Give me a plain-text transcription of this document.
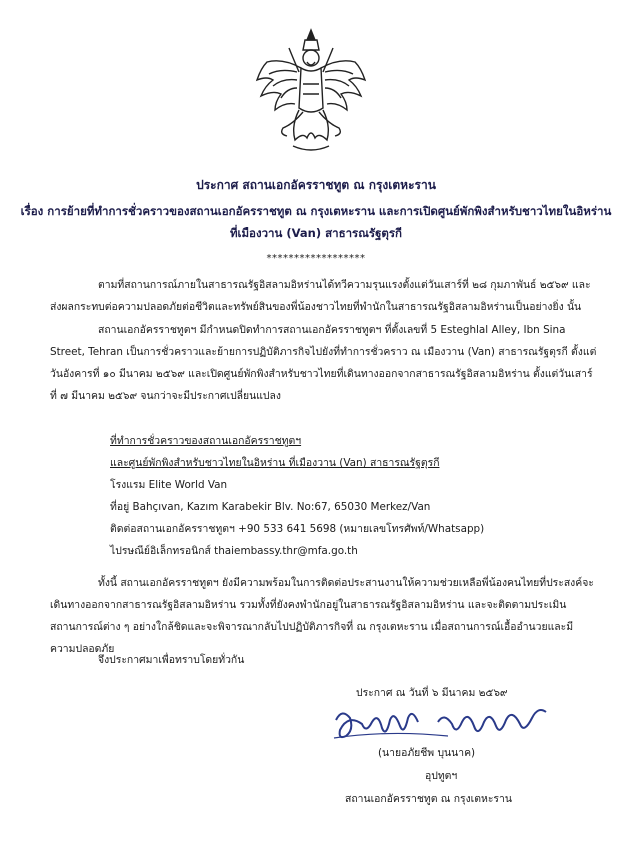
ประกาศ สถานเอกอัครราชทูต ณ กรุงเตหะราน
เรื่อง การย้ายที่ทำการชั่วคราวของสถานเอกอัครราชทูต ณ กรุงเตหะราน และการเปิดศูนย์พักพิงสำหรับชาวไทยในอิหร่าน
ที่เมืองวาน (Van) สาธารณรัฐตุรกี
******************

ตามที่สถานการณ์ภายในสาธารณรัฐอิสลามอิหร่านได้ทวีความรุนแรงตั้งแต่วันเสาร์ที่ ๒๘ กุมภาพันธ์ ๒๕๖๙ และส่งผลกระทบต่อความปลอดภัยต่อชีวิตและทรัพย์สินของพี่น้องชาวไทยที่พำนักในสาธารณรัฐอิสลามอิหร่านเป็นอย่างยิ่ง นั้น

สถานเอกอัครราชทูตฯ มีกำหนดปิดทำการสถานเอกอัครราชทูตฯ ที่ตั้งเลขที่ 5 Esteghlal Alley, Ibn Sina Street, Tehran เป็นการชั่วคราวและย้ายการปฏิบัติภารกิจไปยังที่ทำการชั่วคราว ณ เมืองวาน (Van) สาธารณรัฐตุรกี ตั้งแต่วันอังคารที่ ๑๐ มีนาคม ๒๕๖๙ และเปิดศูนย์พักพิงสำหรับชาวไทยที่เดินทางออกจากสาธารณรัฐอิสลามอิหร่าน ตั้งแต่วันเสาร์ที่ ๗ มีนาคม ๒๕๖๙ จนกว่าจะมีประกาศเปลี่ยนแปลง

ที่ทำการชั่วคราวของสถานเอกอัครราชทูตฯ
และศูนย์พักพิงสำหรับชาวไทยในอิหร่าน ที่เมืองวาน (Van) สาธารณรัฐตุรกี
โรงแรม Elite World Van
ที่อยู่ Bahçıvan, Kazım Karabekir Blv. No:67, 65030 Merkez/Van
ติดต่อสถานเอกอัครราชทูตฯ +90 533 641 5698 (หมายเลขโทรศัพท์/Whatsapp)
ไปรษณีย์อิเล็กทรอนิกส์ thaiembassy.thr@mfa.go.th

ทั้งนี้ สถานเอกอัครราชทูตฯ ยังมีความพร้อมในการติดต่อประสานงานให้ความช่วยเหลือพี่น้องคนไทยที่ประสงค์จะเดินทางออกจากสาธารณรัฐอิสลามอิหร่าน รวมทั้งที่ยังคงพำนักอยู่ในสาธารณรัฐอิสลามอิหร่าน และจะติดตามประเมินสถานการณ์ต่าง ๆ อย่างใกล้ชิดและจะพิจารณากลับไปปฏิบัติภารกิจที่ ณ กรุงเตหะราน เมื่อสถานการณ์เอื้ออำนวยและมีความปลอดภัย

จึงประกาศมาเพื่อทราบโดยทั่วกัน
ประกาศ ณ วันที่ ๖ มีนาคม ๒๕๖๙
(นายอภัยชีพ บุนนาค)
อุปทูตฯ
สถานเอกอัครราชทูต ณ กรุงเตหะราน
